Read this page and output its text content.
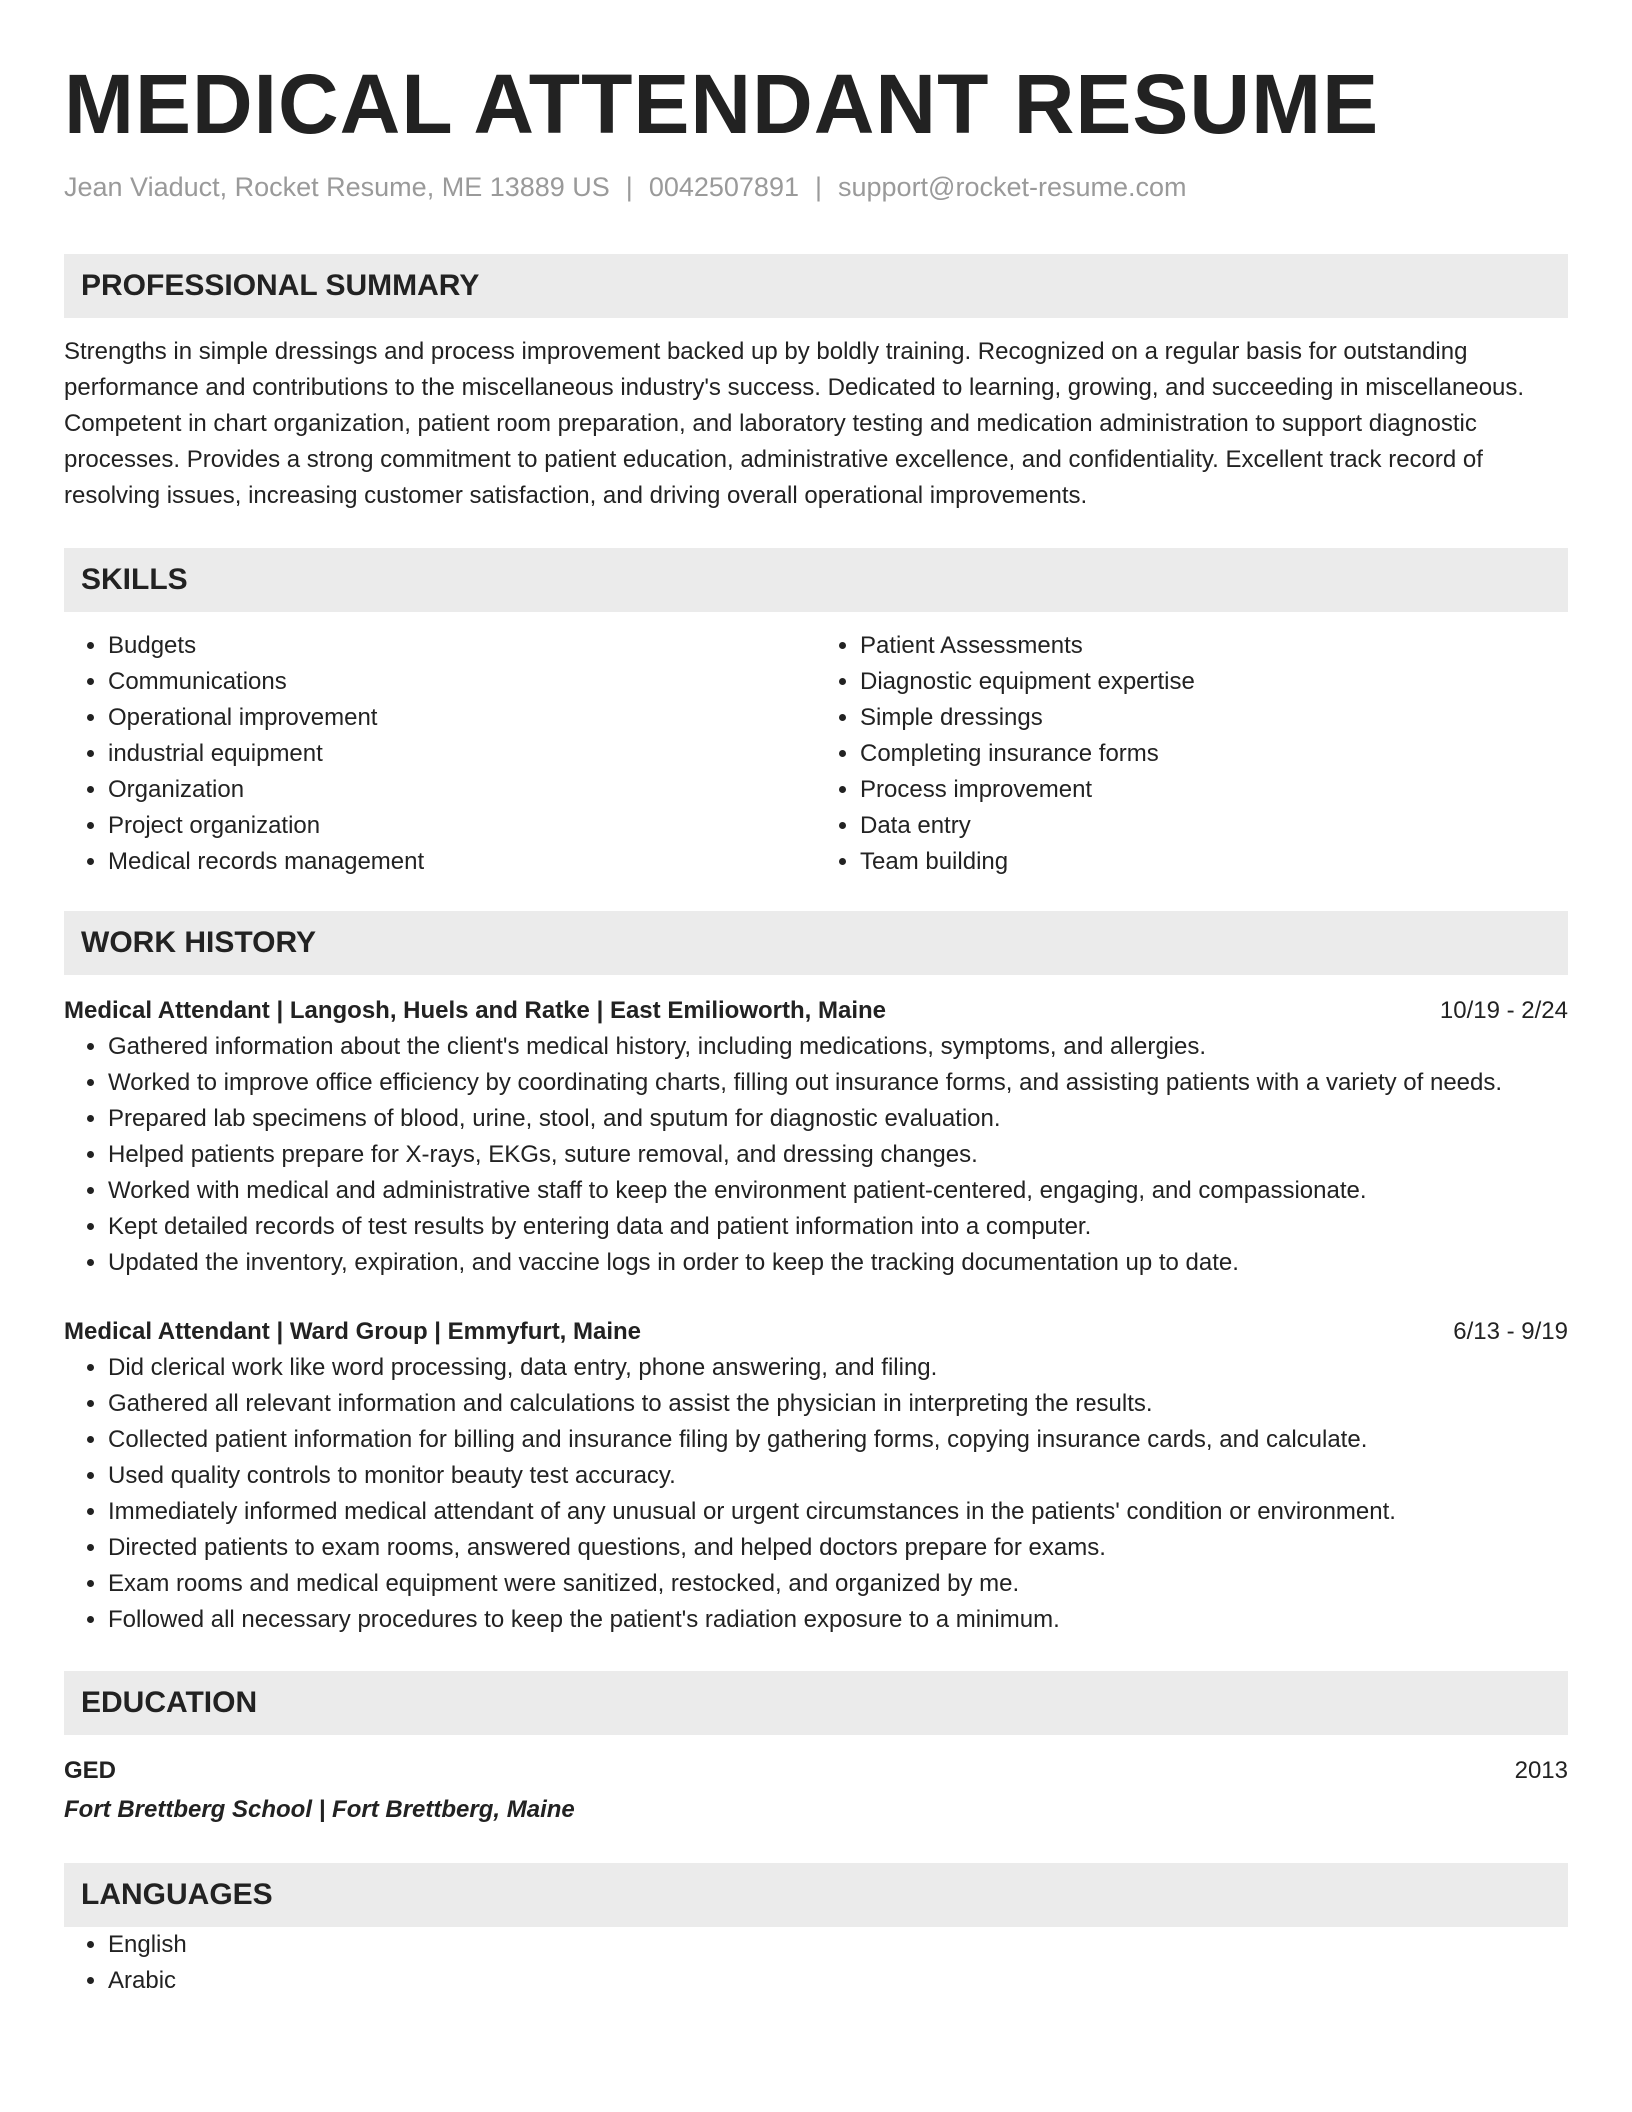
MEDICAL ATTENDANT RESUME
Jean Viaduct, Rocket Resume, ME 13889 US | 0042507891 | support@rocket-resume.com
PROFESSIONAL SUMMARY
Strengths in simple dressings and process improvement backed up by boldly training. Recognized on a regular basis for outstanding performance and contributions to the miscellaneous industry's success. Dedicated to learning, growing, and succeeding in miscellaneous. Competent in chart organization, patient room preparation, and laboratory testing and medication administration to support diagnostic processes. Provides a strong commitment to patient education, administrative excellence, and confidentiality. Excellent track record of resolving issues, increasing customer satisfaction, and driving overall operational improvements.
SKILLS
• Budgets
• Communications
• Operational improvement
• industrial equipment
• Organization
• Project organization
• Medical records management
• Patient Assessments
• Diagnostic equipment expertise
• Simple dressings
• Completing insurance forms
• Process improvement
• Data entry
• Team building
WORK HISTORY
Medical Attendant | Langosh, Huels and Ratke | East Emilioworth, Maine	10/19 - 2/24
• Gathered information about the client's medical history, including medications, symptoms, and allergies.
• Worked to improve office efficiency by coordinating charts, filling out insurance forms, and assisting patients with a variety of needs.
• Prepared lab specimens of blood, urine, stool, and sputum for diagnostic evaluation.
• Helped patients prepare for X-rays, EKGs, suture removal, and dressing changes.
• Worked with medical and administrative staff to keep the environment patient-centered, engaging, and compassionate.
• Kept detailed records of test results by entering data and patient information into a computer.
• Updated the inventory, expiration, and vaccine logs in order to keep the tracking documentation up to date.
Medical Attendant | Ward Group | Emmyfurt, Maine	6/13 - 9/19
• Did clerical work like word processing, data entry, phone answering, and filing.
• Gathered all relevant information and calculations to assist the physician in interpreting the results.
• Collected patient information for billing and insurance filing by gathering forms, copying insurance cards, and calculate.
• Used quality controls to monitor beauty test accuracy.
• Immediately informed medical attendant of any unusual or urgent circumstances in the patients' condition or environment.
• Directed patients to exam rooms, answered questions, and helped doctors prepare for exams.
• Exam rooms and medical equipment were sanitized, restocked, and organized by me.
• Followed all necessary procedures to keep the patient's radiation exposure to a minimum.
EDUCATION
GED	2013
Fort Brettberg School | Fort Brettberg, Maine
LANGUAGES
• English
• Arabic
